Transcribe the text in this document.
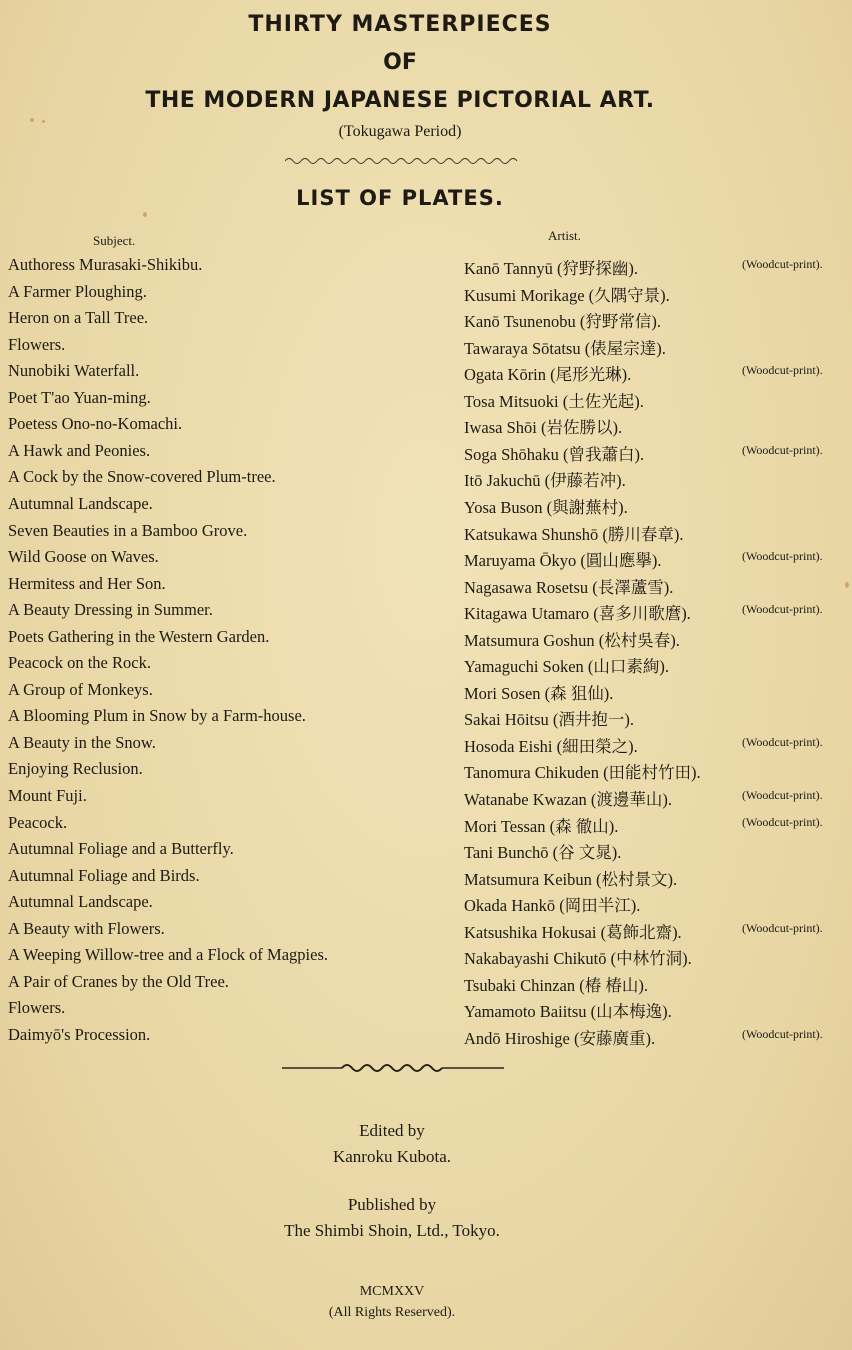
THIRTY MASTERPIECES
OF
THE MODERN JAPANESE PICTORIAL ART.
(Tokugawa Period)
LIST OF PLATES.
Subject.	Artist.
Authoress Murasaki-Shikibu.	Kanō Tannyū (狩野探幽).	(Woodcut-print).
A Farmer Ploughing.	Kusumi Morikage (久隅守景).
Heron on a Tall Tree.	Kanō Tsunenobu (狩野常信).
Flowers.	Tawaraya Sōtatsu (俵屋宗達).
Nunobiki Waterfall.	Ogata Kōrin (尾形光琳).	(Woodcut-print).
Poet T'ao Yuan-ming.	Tosa Mitsuoki (土佐光起).
Poetess Ono-no-Komachi.	Iwasa Shōi (岩佐勝以).
A Hawk and Peonies.	Soga Shōhaku (曾我蕭白).	(Woodcut-print).
A Cock by the Snow-covered Plum-tree.	Itō Jakuchū (伊藤若冲).
Autumnal Landscape.	Yosa Buson (與謝蕪村).
Seven Beauties in a Bamboo Grove.	Katsukawa Shunshō (勝川春章).
Wild Goose on Waves.	Maruyama Ōkyo (圓山應擧).	(Woodcut-print).
Hermitess and Her Son.	Nagasawa Rosetsu (長澤蘆雪).
A Beauty Dressing in Summer.	Kitagawa Utamaro (喜多川歌麿).	(Woodcut-print).
Poets Gathering in the Western Garden.	Matsumura Goshun (松村吳春).
Peacock on the Rock.	Yamaguchi Soken (山口素絢).
A Group of Monkeys.	Mori Sosen (森 狙仙).
A Blooming Plum in Snow by a Farm-house.	Sakai Hōitsu (酒井抱一).
A Beauty in the Snow.	Hosoda Eishi (細田榮之).	(Woodcut-print).
Enjoying Reclusion.	Tanomura Chikuden (田能村竹田).
Mount Fuji.	Watanabe Kwazan (渡邊華山).	(Woodcut-print).
Peacock.	Mori Tessan (森 徹山).	(Woodcut-print).
Autumnal Foliage and a Butterfly.	Tani Bunchō (谷 文晁).
Autumnal Foliage and Birds.	Matsumura Keibun (松村景文).
Autumnal Landscape.	Okada Hankō (岡田半江).
A Beauty with Flowers.	Katsushika Hokusai (葛飾北齋).	(Woodcut-print).
A Weeping Willow-tree and a Flock of Magpies.	Nakabayashi Chikutō (中林竹洞).
A Pair of Cranes by the Old Tree.	Tsubaki Chinzan (椿 椿山).
Flowers.	Yamamoto Baiitsu (山本梅逸).
Daimyō's Procession.	Andō Hiroshige (安藤廣重).	(Woodcut-print).
Edited by
Kanroku Kubota.
Published by
The Shimbi Shoin, Ltd., Tokyo.
MCMXXV
(All Rights Reserved).
